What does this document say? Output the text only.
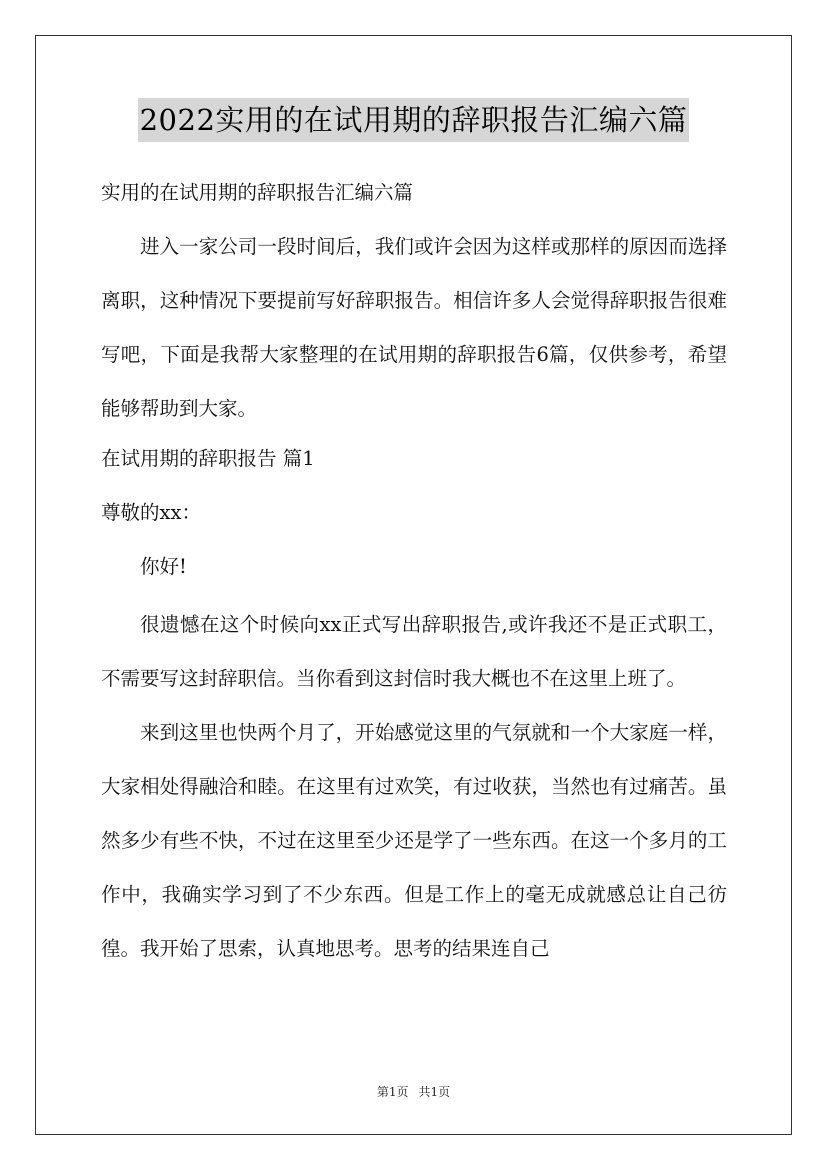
2022实用的在试用期的辞职报告汇编六篇
实用的在试用期的辞职报告汇编六篇

进入一家公司一段时间后，我们或许会因为这样或那样的原因而选择离职，这种情况下要提前写好辞职报告。相信许多人会觉得辞职报告很难写吧，下面是我帮大家整理的在试用期的辞职报告6篇，仅供参考，希望能够帮助到大家。

在试用期的辞职报告 篇1
尊敬的xx：
你好!

很遗憾在这个时候向xx正式写出辞职报告,或许我还不是正式职工，不需要写这封辞职信。当你看到这封信时我大概也不在这里上班了。

来到这里也快两个月了，开始感觉这里的气氛就和一个大家庭一样，大家相处得融洽和睦。在这里有过欢笑，有过收获，当然也有过痛苦。虽然多少有些不快，不过在这里至少还是学了一些东西。在这一个多月的工作中，我确实学习到了不少东西。但是工作上的毫无成就感总让自己彷徨。我开始了思索，认真地思考。思考的结果连自己

第1页 共1页
